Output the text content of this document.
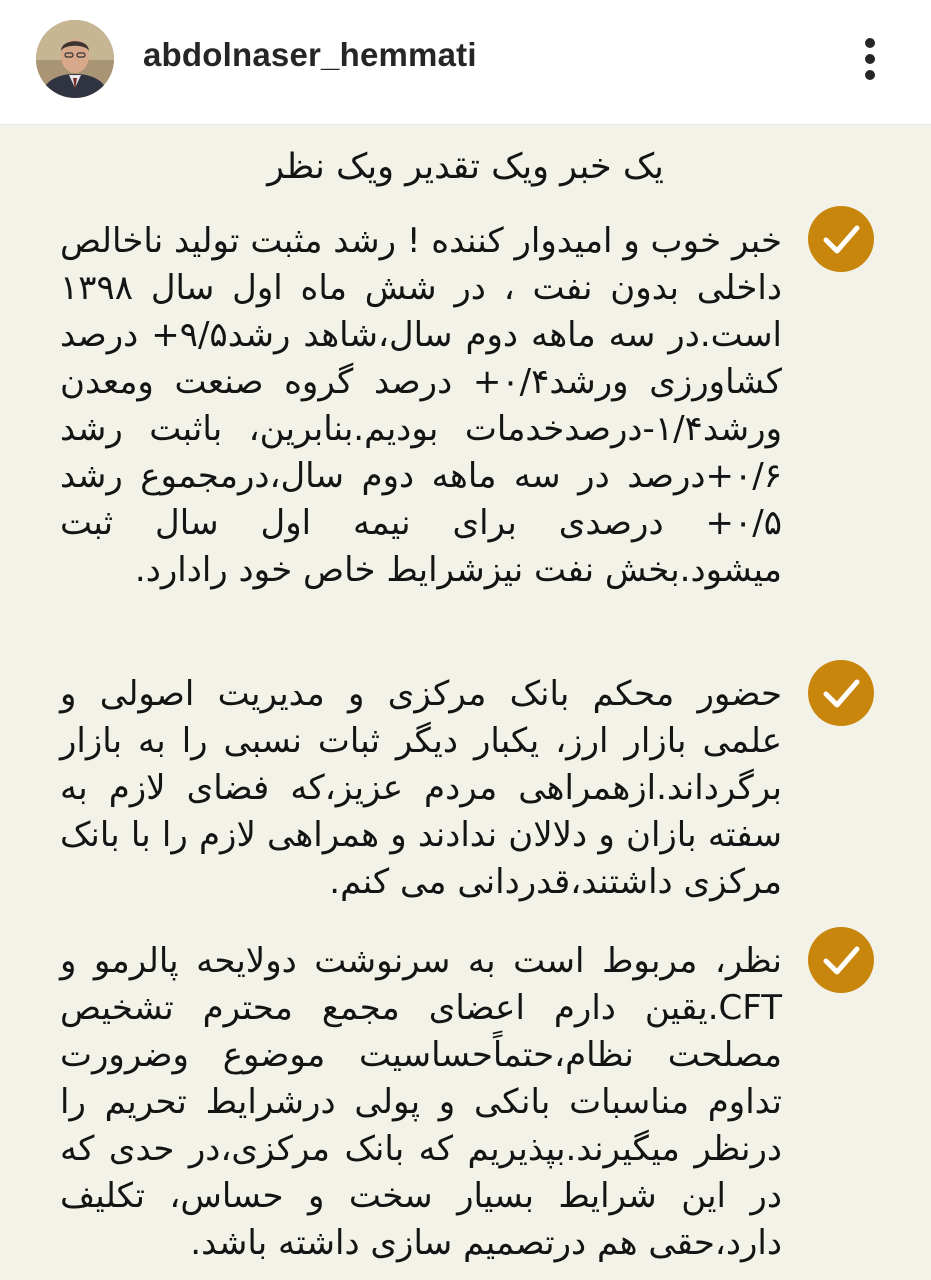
abdolnaser_hemmati
یک خبر ویک تقدیر ویک نظر
خبر خوب و امیدوار کننده ! رشد مثبت تولید ناخالص داخلی بدون نفت ، در شش ماه اول سال ۱۳۹۸ است.در سه ماهه دوم سال،شاهد رشد۹/۵+ درصد کشاورزی ورشد۰/۴+ درصد گروه صنعت ومعدن ورشد۱/۴-درصدخدمات بودیم.بنابرین، باثبت رشد ۰/۶+درصد در سه ماهه دوم سال،درمجموع رشد ۰/۵+ درصدی برای نیمه اول سال ثبت میشود.بخش نفت نیزشرایط خاص خود رادارد.
حضور محکم بانک مرکزی و مدیریت اصولی و علمی بازار ارز، یکبار دیگر ثبات نسبی را به بازار برگرداند.ازهمراهی مردم عزیز،که فضای لازم به سفته بازان و دلالان ندادند و همراهی لازم را با بانک مرکزی داشتند،قدردانی می کنم.
نظر، مربوط است به سرنوشت دولایحه پالرمو و CFT.یقین دارم اعضای مجمع محترم تشخیص مصلحت نظام،حتماًحساسیت موضوع وضرورت تداوم مناسبات بانکی و پولی درشرایط تحریم را درنظر میگیرند.بپذیریم که بانک مرکزی،در حدی که در این شرایط بسیار سخت و حساس، تکلیف دارد،حقی هم درتصمیم سازی داشته باشد.
